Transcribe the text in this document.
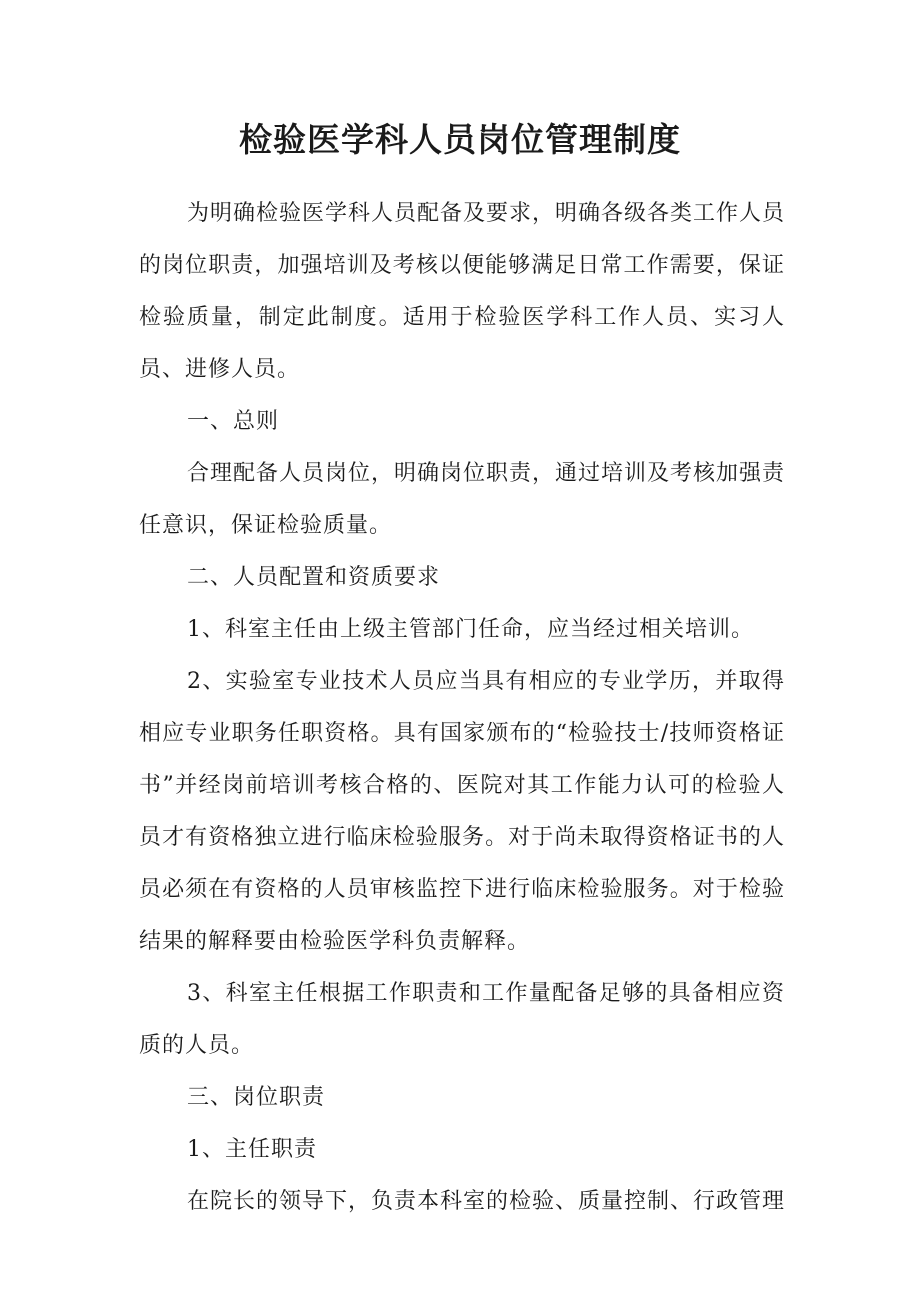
检验医学科人员岗位管理制度

为明确检验医学科人员配备及要求，明确各级各类工作人员的岗位职责，加强培训及考核以便能够满足日常工作需要，保证检验质量，制定此制度。适用于检验医学科工作人员、实习人员、进修人员。

一、总则

合理配备人员岗位，明确岗位职责，通过培训及考核加强责任意识，保证检验质量。

二、人员配置和资质要求

1、科室主任由上级主管部门任命，应当经过相关培训。

2、实验室专业技术人员应当具有相应的专业学历，并取得相应专业职务任职资格。具有国家颁布的“检验技士/技师资格证书”并经岗前培训考核合格的、医院对其工作能力认可的检验人员才有资格独立进行临床检验服务。对于尚未取得资格证书的人员必须在有资格的人员审核监控下进行临床检验服务。对于检验结果的解释要由检验医学科负责解释。

3、科室主任根据工作职责和工作量配备足够的具备相应资质的人员。

三、岗位职责

1、主任职责

在院长的领导下，负责本科室的检验、质量控制、行政管理
